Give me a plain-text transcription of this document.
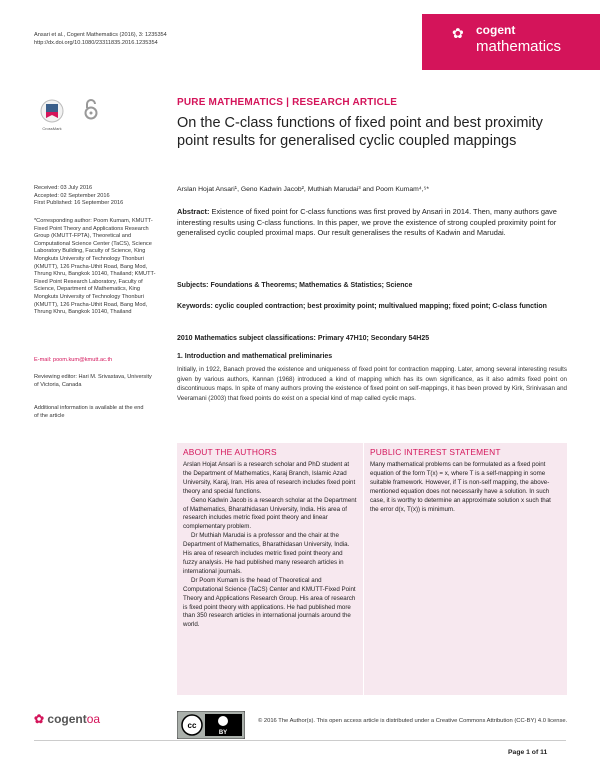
Ansari et al., Cogent Mathematics (2016), 3: 1235354
http://dx.doi.org/10.1080/23311835.2016.1235354
✿ cogent
mathematics
CrossMark
PURE MATHEMATICS | RESEARCH ARTICLE
On the C-class functions of fixed point and best proximity point results for generalised cyclic coupled mappings
Received: 03 July 2016
Accepted: 02 September 2016
First Published: 16 September 2016
*Corresponding author: Poom Kumam, KMUTT-Fixed Point Theory and Applications Research Group (KMUTT-FPTA), Theoretical and Computational Science Center (TaCS), Science Laboratory Building, Faculty of Science, King Mongkuts University of Technology Thonburi (KMUTT), 126 Pracha-Uthit Road, Bang Mod, Thrung Khru, Bangkok 10140, Thailand; KMUTT-Fixed Point Research Laboratory, Faculty of Science, Department of Mathematics, King Mongkuts University of Technology Thonburi (KMUTT), 126 Pracha-Uthit Road, Bang Mod, Thrung Khru, Bangkok 10140, Thailand
E-mail: poom.kum@kmutt.ac.th
Reviewing editor: Hari M. Srivastava, University of Victoria, Canada
Additional information is available at the end of the article
Arslan Hojat Ansari¹, Geno Kadwin Jacob², Muthiah Marudai³ and Poom Kumam⁴,⁵*
Abstract: Existence of fixed point for C-class functions was first proved by Ansari in 2014. Then, many authors gave interesting results using C-class functions. In this paper, we prove the existence of strong coupled proximity point for generalised cyclic coupled proximal maps. Our result generalises the results of Kadwin and Marudai.
Subjects: Foundations & Theorems; Mathematics & Statistics; Science
Keywords: cyclic coupled contraction; best proximity point; multivalued mapping; fixed point; C-class function
2010 Mathematics subject classifications: Primary 47H10; Secondary 54H25
1. Introduction and mathematical preliminaries
Initially, in 1922, Banach proved the existence and uniqueness of fixed point for contraction mapping. Later, among several interesting results given by various authors, Kannan (1968) introduced a kind of mapping which has its own significance, as it also admits fixed point on discontinuous maps. In spite of many authors proving the existence of fixed point on self-mappings, it has been proved by Kirk, Srinivasan and Veeramani (2003) that fixed points do exist on a special kind of map called cyclic maps.
ABOUT THE AUTHORS
Arslan Hojat Ansari is a research scholar and PhD student at the Department of Mathematics, Karaj Branch, Islamic Azad University, Karaj, Iran. His area of research includes fixed point theory and special functions.
Geno Kadwin Jacob is a research scholar at the Department of Mathematics, Bharathidasan University, India. His area of research includes metric fixed point theory and linear complementary problem.
Dr Muthiah Marudai is a professor and the chair at the Department of Mathematics, Bharathidasan University, India. His area of research includes metric fixed point theory and fuzzy analysis. He had published many research articles in international journals.
Dr Poom Kumam is the head of Theoretical and Computational Science (TaCS) Center and KMUTT-Fixed Point Theory and Applications Research Group. His area of research is fixed point theory with applications. He had published more than 350 research articles in international journals around the world.
PUBLIC INTEREST STATEMENT
Many mathematical problems can be formulated as a fixed point equation of the form T(x) = x, where T is a self-mapping in some suitable framework. However, if T is non-self mapping, the above-mentioned equation does not necessarily have a solution. In such case, it is worthy to determine an approximate solution x such that the error d(x, T(x)) is minimum.
✿ cogentoa	cc
BY
© 2016 The Author(s). This open access article is distributed under a Creative Commons Attribution (CC-BY) 4.0 license.
Page 1 of 11
